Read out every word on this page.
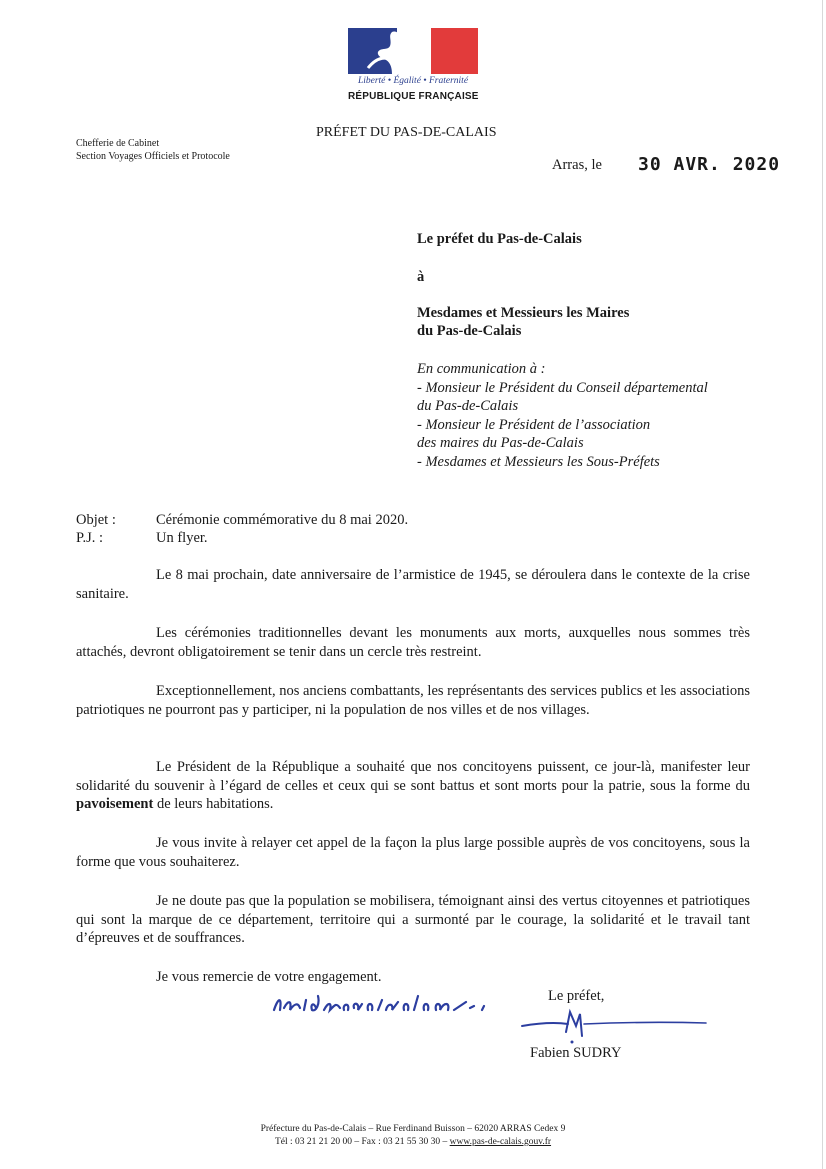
Liberté • Égalité • Fraternité
RÉPUBLIQUE FRANÇAISE
Chefferie de Cabinet
Section Voyages Officiels et Protocole
PRÉFET DU PAS-DE-CALAIS
Arras, le 30 AVR. 2020
Le préfet du Pas-de-Calais
à
Mesdames et Messieurs les Maires
du Pas-de-Calais
En communication à :
- Monsieur le Président du Conseil départemental
du Pas-de-Calais
- Monsieur le Président de l’association
des maires du Pas-de-Calais
- Mesdames et Messieurs les Sous-Préfets
Objet :	Cérémonie commémorative du 8 mai 2020.
P.J. :	Un flyer.
Le 8 mai prochain, date anniversaire de l’armistice de 1945, se déroulera dans le contexte de la crise sanitaire.
Les cérémonies traditionnelles devant les monuments aux morts, auxquelles nous sommes très attachés, devront obligatoirement se tenir dans un cercle très restreint.
Exceptionnellement, nos anciens combattants, les représentants des services publics et les associations patriotiques ne pourront pas y participer, ni la population de nos villes et de nos villages.
Le Président de la République a souhaité que nos concitoyens puissent, ce jour-là, manifester leur solidarité du souvenir à l’égard de celles et ceux qui se sont battus et sont morts pour la patrie, sous la forme du pavoisement de leurs habitations.
Je vous invite à relayer cet appel de la façon la plus large possible auprès de vos concitoyens, sous la forme que vous souhaiterez.
Je ne doute pas que la population se mobilisera, témoignant ainsi des vertus citoyennes et patriotiques qui sont la marque de ce département, territoire qui a surmonté par le courage, la solidarité et le travail tant d’épreuves et de souffrances.
Je vous remercie de votre engagement.
Le préfet,
Fabien SUDRY
Préfecture du Pas-de-Calais – Rue Ferdinand Buisson – 62020 ARRAS Cedex 9
Tél : 03 21 21 20 00 – Fax : 03 21 55 30 30 – www.pas-de-calais.gouv.fr
